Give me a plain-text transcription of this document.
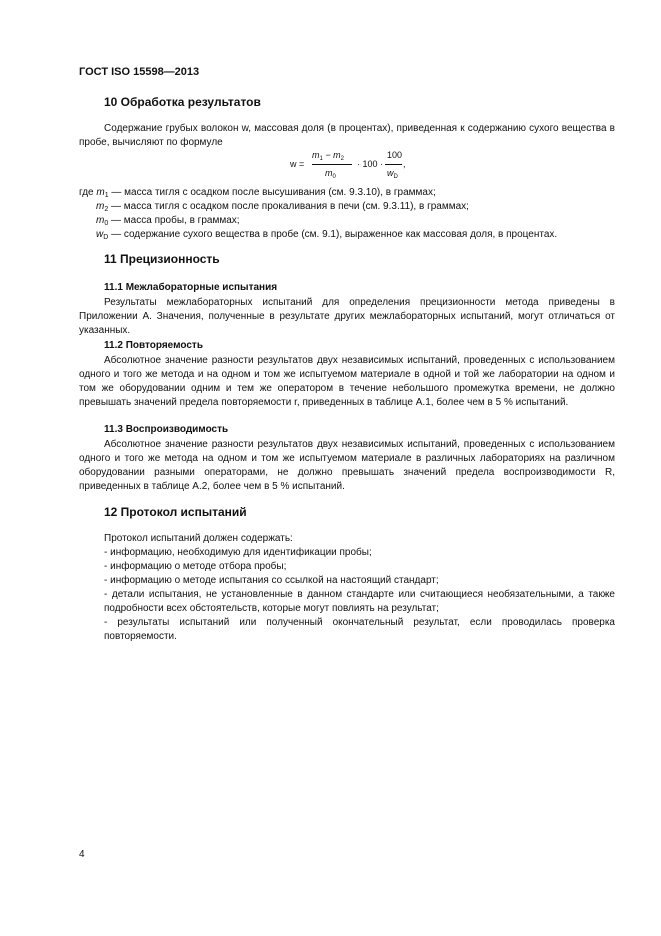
ГОСТ ISO 15598—2013
10 Обработка результатов
Содержание грубых волокон w, массовая доля (в процентах), приведенная к содержанию сухого вещества в пробе, вычисляют по формуле
w =
$m_1 - m_2$
$m_0$
· 100 ·
100
$w_D$
,
где $m_1$ — масса тигля с осадком после высушивания (см. 9.3.10), в граммах;
$m_2$ — масса тигля с осадком после прокаливания в печи (см. 9.3.11), в граммах;
$m_0$ — масса пробы, в граммах;
$w_D$ — содержание сухого вещества в пробе (см. 9.1), выраженное как массовая доля, в процентах.
11 Прецизионность
11.1 Межлабораторные испытания
Результаты межлабораторных испытаний для определения прецизионности метода приведены в Приложении А. Значения, полученные в результате других межлабораторных испытаний, могут отличаться от указанных.
11.2 Повторяемость
Абсолютное значение разности результатов двух независимых испытаний, проведенных с использованием одного и того же метода и на одном и том же испытуемом материале в одной и той же лаборатории на одном и том же оборудовании одним и тем же оператором в течение небольшого промежутка времени, не должно превышать значений предела повторяемости r, приведенных в таблице А.1, более чем в 5 % испытаний.
11.3 Воспроизводимость
Абсолютное значение разности результатов двух независимых испытаний, проведенных с использованием одного и того же метода на одном и том же испытуемом материале в различных лабораториях на различном оборудовании разными операторами, не должно превышать значений предела воспроизводимости R, приведенных в таблице А.2, более чем в 5 % испытаний.
12 Протокол испытаний
Протокол испытаний должен содержать:
- информацию, необходимую для идентификации пробы;
- информацию о методе отбора пробы;
- информацию о методе испытания со ссылкой на настоящий стандарт;
- детали испытания, не установленные в данном стандарте или считающиеся необязательными, а также подробности всех обстоятельств, которые могут повлиять на результат;
- результаты испытаний или полученный окончательный результат, если проводилась проверка повторяемости.
4
